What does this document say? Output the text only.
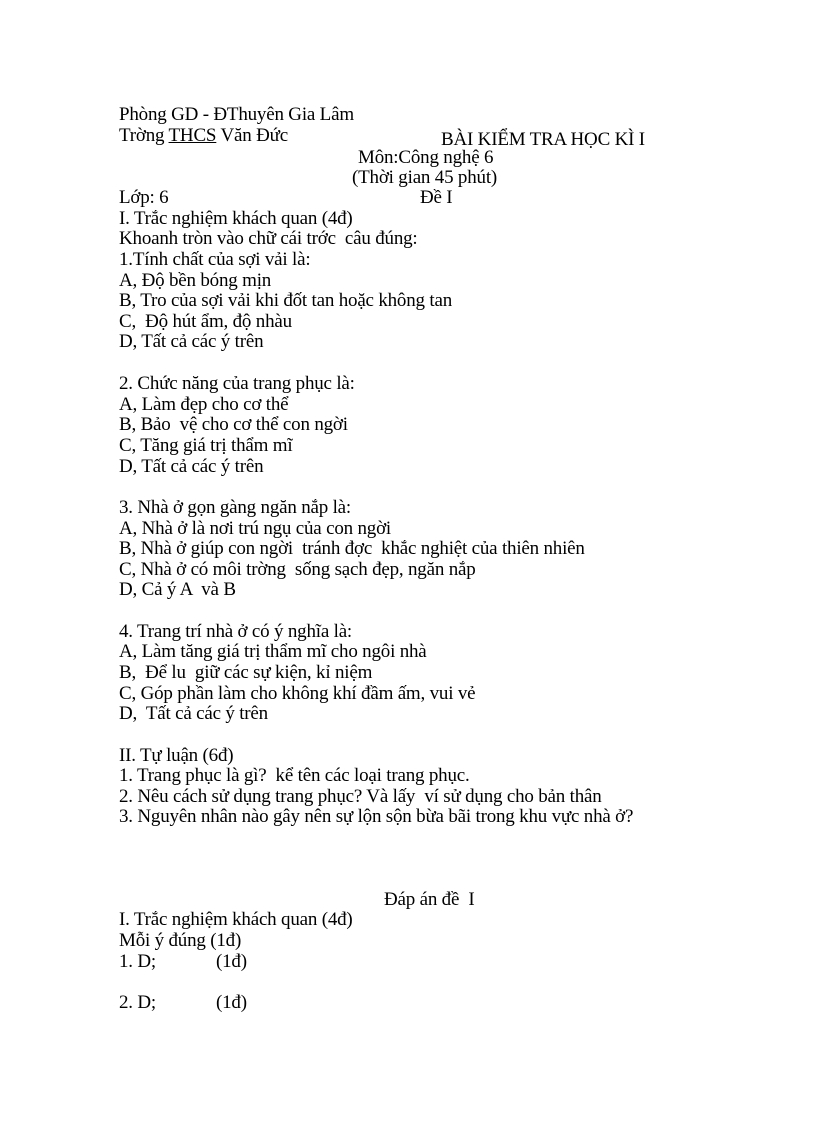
Phòng GD - ĐThuyên Gia Lâm
Trờng THCS Văn Đức	BÀI KIỂM TRA HỌC KÌ I
Môn:Công nghệ 6
(Thời gian 45 phút)
Lớp: 6	Đề I
I. Trắc nghiệm khách quan (4đ)
Khoanh tròn vào chữ cái trớc  câu đúng:
1.Tính chất của sợi vải là:
A, Độ bền bóng mịn
B, Tro của sợi vải khi đốt tan hoặc không tan
C,  Độ hút ẩm, độ nhàu
D, Tất cả các ý trên
2. Chức năng của trang phục là:
A, Làm đẹp cho cơ thể
B, Bảo  vệ cho cơ thể con ngời
C, Tăng giá trị thẩm mĩ
D, Tất cả các ý trên
3. Nhà ở gọn gàng ngăn nắp là:
A, Nhà ở là nơi trú ngụ của con ngời
B, Nhà ở giúp con ngời  tránh đợc  khắc nghiệt của thiên nhiên
C, Nhà ở có môi trờng  sống sạch đẹp, ngăn nắp
D, Cả ý A  và B
4. Trang trí nhà ở có ý nghĩa là:
A, Làm tăng giá trị thẩm mĩ cho ngôi nhà
B,  Để lu  giữ các sự kiện, kỉ niệm
C, Góp phần làm cho không khí đầm ấm, vui vẻ
D,  Tất cả các ý trên
II. Tự luận (6đ)
1. Trang phục là gì?  kể tên các loại trang phục.
2. Nêu cách sử dụng trang phục? Và lấy  ví sử dụng cho bản thân
3. Nguyên nhân nào gây nên sự lộn sộn bừa bãi trong khu vực nhà ở?
Đáp án đề  I
I. Trắc nghiệm khách quan (4đ)
Mỗi ý đúng (1đ)
1. D;	(1đ)
2. D;	(1đ)
